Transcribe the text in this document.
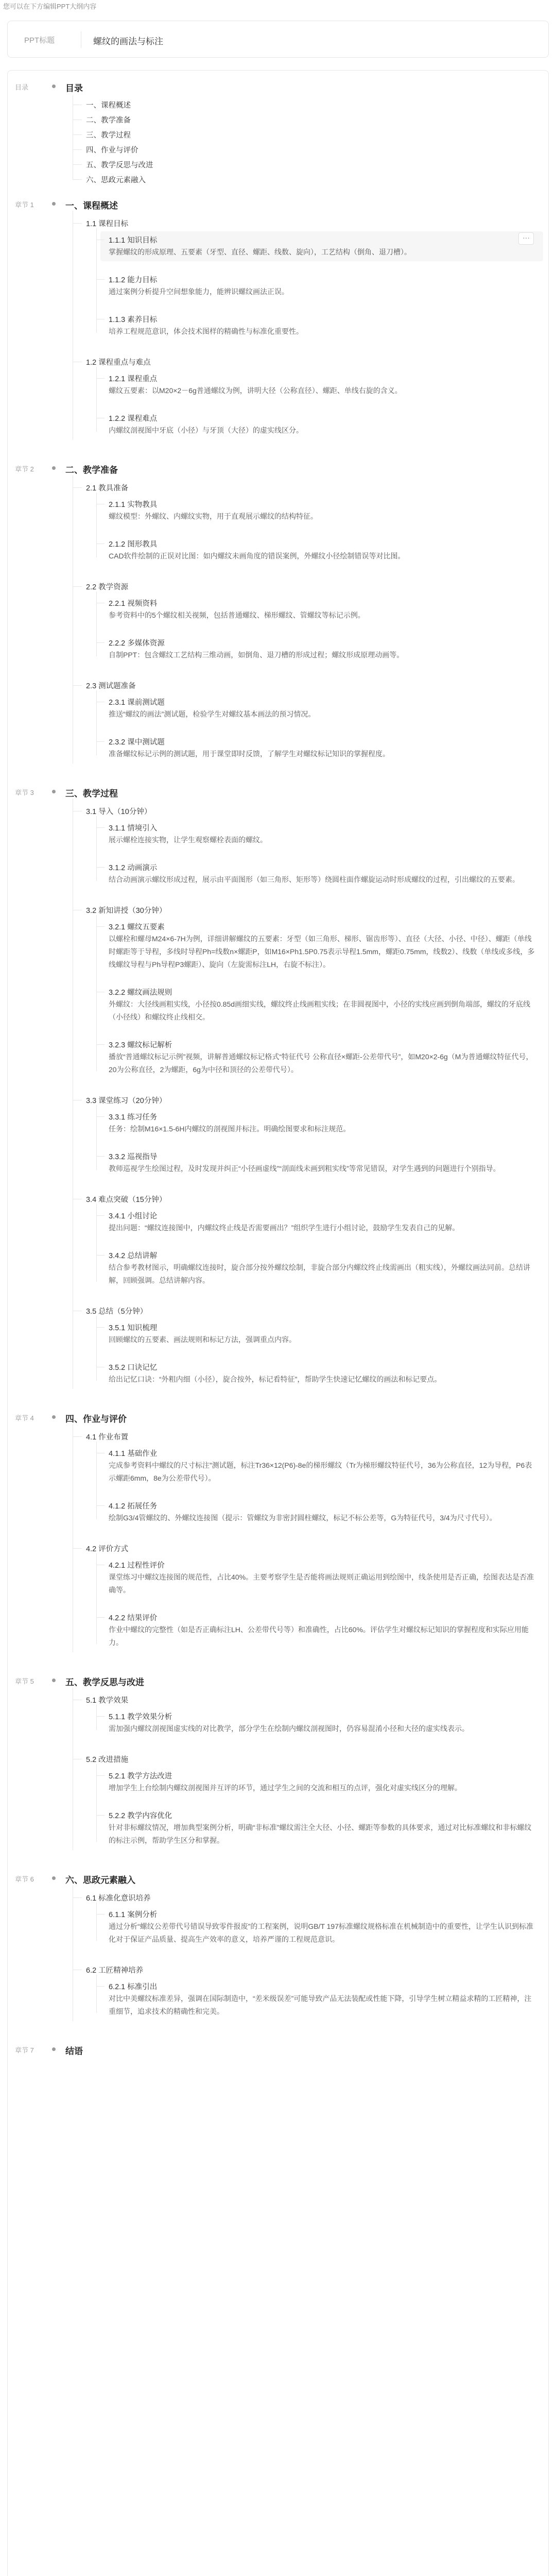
您可以在下方编辑PPT大纲内容
PPT标题	螺纹的画法与标注
目录	目录
一、课程概述
二、教学准备
三、教学过程
四、作业与评价
五、教学反思与改进
六、思政元素融入
章节 1	一、课程概述
1.1 课程目标
···
1.1.1 知识目标
掌握螺纹的形成原理、五要素（牙型、直径、螺距、线数、旋向），工艺结构（倒角、退刀槽）。
1.1.2 能力目标
通过案例分析提升空间想象能力，能辨识螺纹画法正误。
1.1.3 素养目标
培养工程规范意识，体会技术图样的精确性与标准化重要性。
1.2 课程重点与难点
1.2.1 课程重点
螺纹五要素：以M20×2－6g普通螺纹为例，讲明大径（公称直径）、螺距、单线右旋的含义。
1.2.2 课程难点
内螺纹剖视图中牙底（小径）与牙顶（大径）的虚实线区分。
章节 2	二、教学准备
2.1 教具准备
2.1.1 实物教具
螺纹模型：外螺纹、内螺纹实物，用于直观展示螺纹的结构特征。
2.1.2 图形教具
CAD软件绘制的正误对比图：如内螺纹未画角度的错误案例，外螺纹小径绘制错误等对比图。
2.2 教学资源
2.2.1 视频资料
参考资料中的5个螺纹相关视频，包括普通螺纹、梯形螺纹、管螺纹等标记示例。
2.2.2 多媒体资源
自制PPT：包含螺纹工艺结构三维动画，如倒角、退刀槽的形成过程；螺纹形成原理动画等。
2.3 测试题准备
2.3.1 课前测试题
推送“螺纹的画法”测试题，检验学生对螺纹基本画法的预习情况。
2.3.2 课中测试题
准备螺纹标记示例的测试题，用于课堂即时反馈，了解学生对螺纹标记知识的掌握程度。
章节 3	三、教学过程
3.1 导入（10分钟）
3.1.1 情境引入
展示螺栓连接实物，让学生观察螺栓表面的螺纹。
3.1.2 动画演示
结合动画演示螺纹形成过程，展示由平面图形（如三角形、矩形等）绕圆柱面作螺旋运动时形成螺纹的过程，引出螺纹的五要素。
3.2 新知讲授（30分钟）
3.2.1 螺纹五要素
以螺栓和螺母M24×6-7H为例，详细讲解螺纹的五要素：牙型（如三角形、梯形、锯齿形等）、直径（大径、小径、中径）、螺距（单线时螺距等于导程，多线时导程Ph=线数n×螺距P，如M16×Ph1.5P0.75表示导程1.5mm，螺距0.75mm，线数2）、线数（单线或多线，多线螺纹导程与Ph导程P3螺距）、旋向（左旋需标注LH，右旋不标注）。
3.2.2 螺纹画法规则
外螺纹：大径线画粗实线，小径按0.85d画细实线，螺纹终止线画粗实线；在非圆视图中，小径的实线应画到倒角端部，螺纹的牙底线（小径线）和螺纹终止线相交。
3.2.3 螺纹标记解析
播放“普通螺纹标记示例”视频，讲解普通螺纹标记格式“特征代号 公称直径×螺距-公差带代号”，如M20×2-6g（M为普通螺纹特征代号，20为公称直径，2为螺距，6g为中径和顶径的公差带代号）。
3.3 课堂练习（20分钟）
3.3.1 练习任务
任务：绘制M16×1.5-6H内螺纹的剖视图并标注。明确绘图要求和标注规范。
3.3.2 巡视指导
教师巡视学生绘图过程，及时发现并纠正“小径画虚线”“剖面线未画到粗实线”等常见错误，对学生遇到的问题进行个别指导。
3.4 难点突破（15分钟）
3.4.1 小组讨论
提出问题：“螺纹连接图中，内螺纹终止线是否需要画出？”组织学生进行小组讨论，鼓励学生发表自己的见解。
3.4.2 总结讲解
结合参考教材图示，明确螺纹连接时，旋合部分按外螺纹绘制，非旋合部分内螺纹终止线需画出（粗实线），外螺纹画法同前。总结讲解，回顾强调。总结讲解内容。
3.5 总结（5分钟）
3.5.1 知识梳理
回顾螺纹的五要素、画法规则和标记方法，强调重点内容。
3.5.2 口诀记忆
给出记忆口诀：“外粗内细（小径），旋合按外，标记看特征”，帮助学生快速记忆螺纹的画法和标记要点。
章节 4	四、作业与评价
4.1 作业布置
4.1.1 基础作业
完成参考资料中螺纹的尺寸标注”测试题，标注Tr36×12(P6)-8e的梯形螺纹（Tr为梯形螺纹特征代号，36为公称直径，12为导程，P6表示螺距6mm，8e为公差带代号）。
4.1.2 拓展任务
绘制G3/4管螺纹的、外螺纹连接图（提示：管螺纹为非密封圆柱螺纹，标记不标公差等，G为特征代号，3/4为尺寸代号）。
4.2 评价方式
4.2.1 过程性评价
课堂练习中螺纹连接图的规范性，占比40%。主要考察学生是否能将画法规则正确运用到绘图中，线条使用是否正确，绘图表达是否准确等。
4.2.2 结果评价
作业中螺纹的完整性（如是否正确标注LH、公差带代号等）和准确性，占比60%。评估学生对螺纹标记知识的掌握程度和实际应用能力。
章节 5	五、教学反思与改进
5.1 教学效果
5.1.1 教学效果分析
需加强内螺纹剖视图虚实线的对比教学，部分学生在绘制内螺纹剖视图时，仍容易混淆小径和大径的虚实线表示。
5.2 改进措施
5.2.1 教学方法改进
增加学生上台绘制内螺纹剖视图并互评的环节，通过学生之间的交流和相互的点评，强化对虚实线区分的理解。
5.2.2 教学内容优化
针对非标螺纹情况，增加典型案例分析，明确“非标准”螺纹需注全大径、小径、螺距等参数的具体要求，通过对比标准螺纹和非标螺纹的标注示例，帮助学生区分和掌握。
章节 6	六、思政元素融入
6.1 标准化意识培养
6.1.1 案例分析
通过分析“螺纹公差带代号错误导致零件报废”的工程案例，说明GB/T 197标准螺纹规格标准在机械制造中的重要性，让学生认识到标准化对于保证产品质量、提高生产效率的意义，培养严谨的工程规范意识。
6.2 工匠精神培养
6.2.1 标准引出
对比中美螺纹标准差异，强调在国际制造中，“差米级误差”可能导致产品无法装配或性能下降，引导学生树立精益求精的工匠精神，注重细节，追求技术的精确性和完美。
章节 7	结语
